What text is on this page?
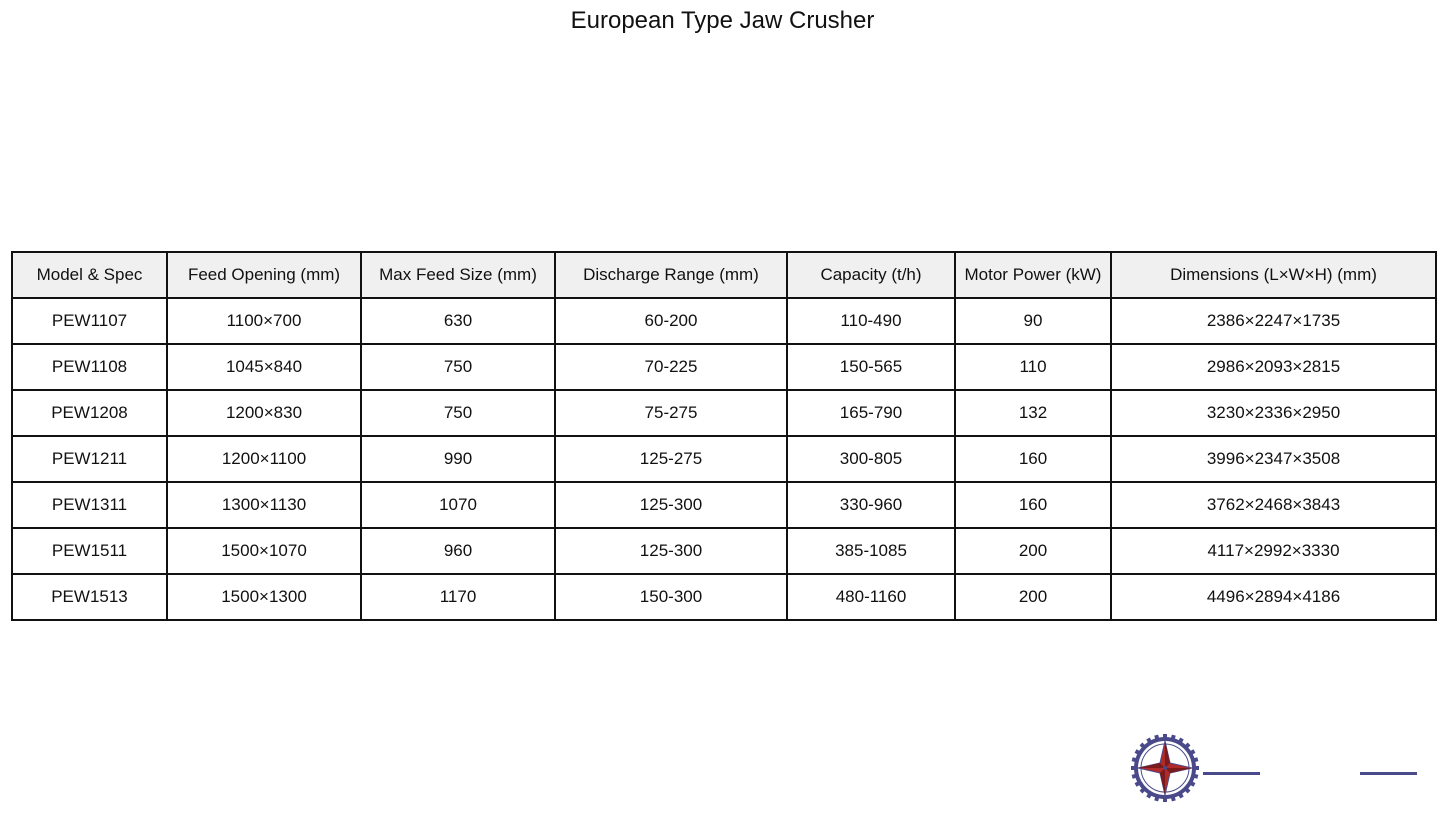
European Type Jaw Crusher
Model & Spec	Feed Opening (mm)	Max Feed Size (mm)	Discharge Range (mm)	Capacity (t/h)	Motor Power (kW)	Dimensions (L×W×H) (mm)
PEW1107	1100×700	630	60-200	110-490	90	2386×2247×1735
PEW1108	1045×840	750	70-225	150-565	110	2986×2093×2815
PEW1208	1200×830	750	75-275	165-790	132	3230×2336×2950
PEW1211	1200×1100	990	125-275	300-805	160	3996×2347×3508
PEW1311	1300×1130	1070	125-300	330-960	160	3762×2468×3843
PEW1511	1500×1070	960	125-300	385-1085	200	4117×2992×3330
PEW1513	1500×1300	1170	150-300	480-1160	200	4496×2894×4186
